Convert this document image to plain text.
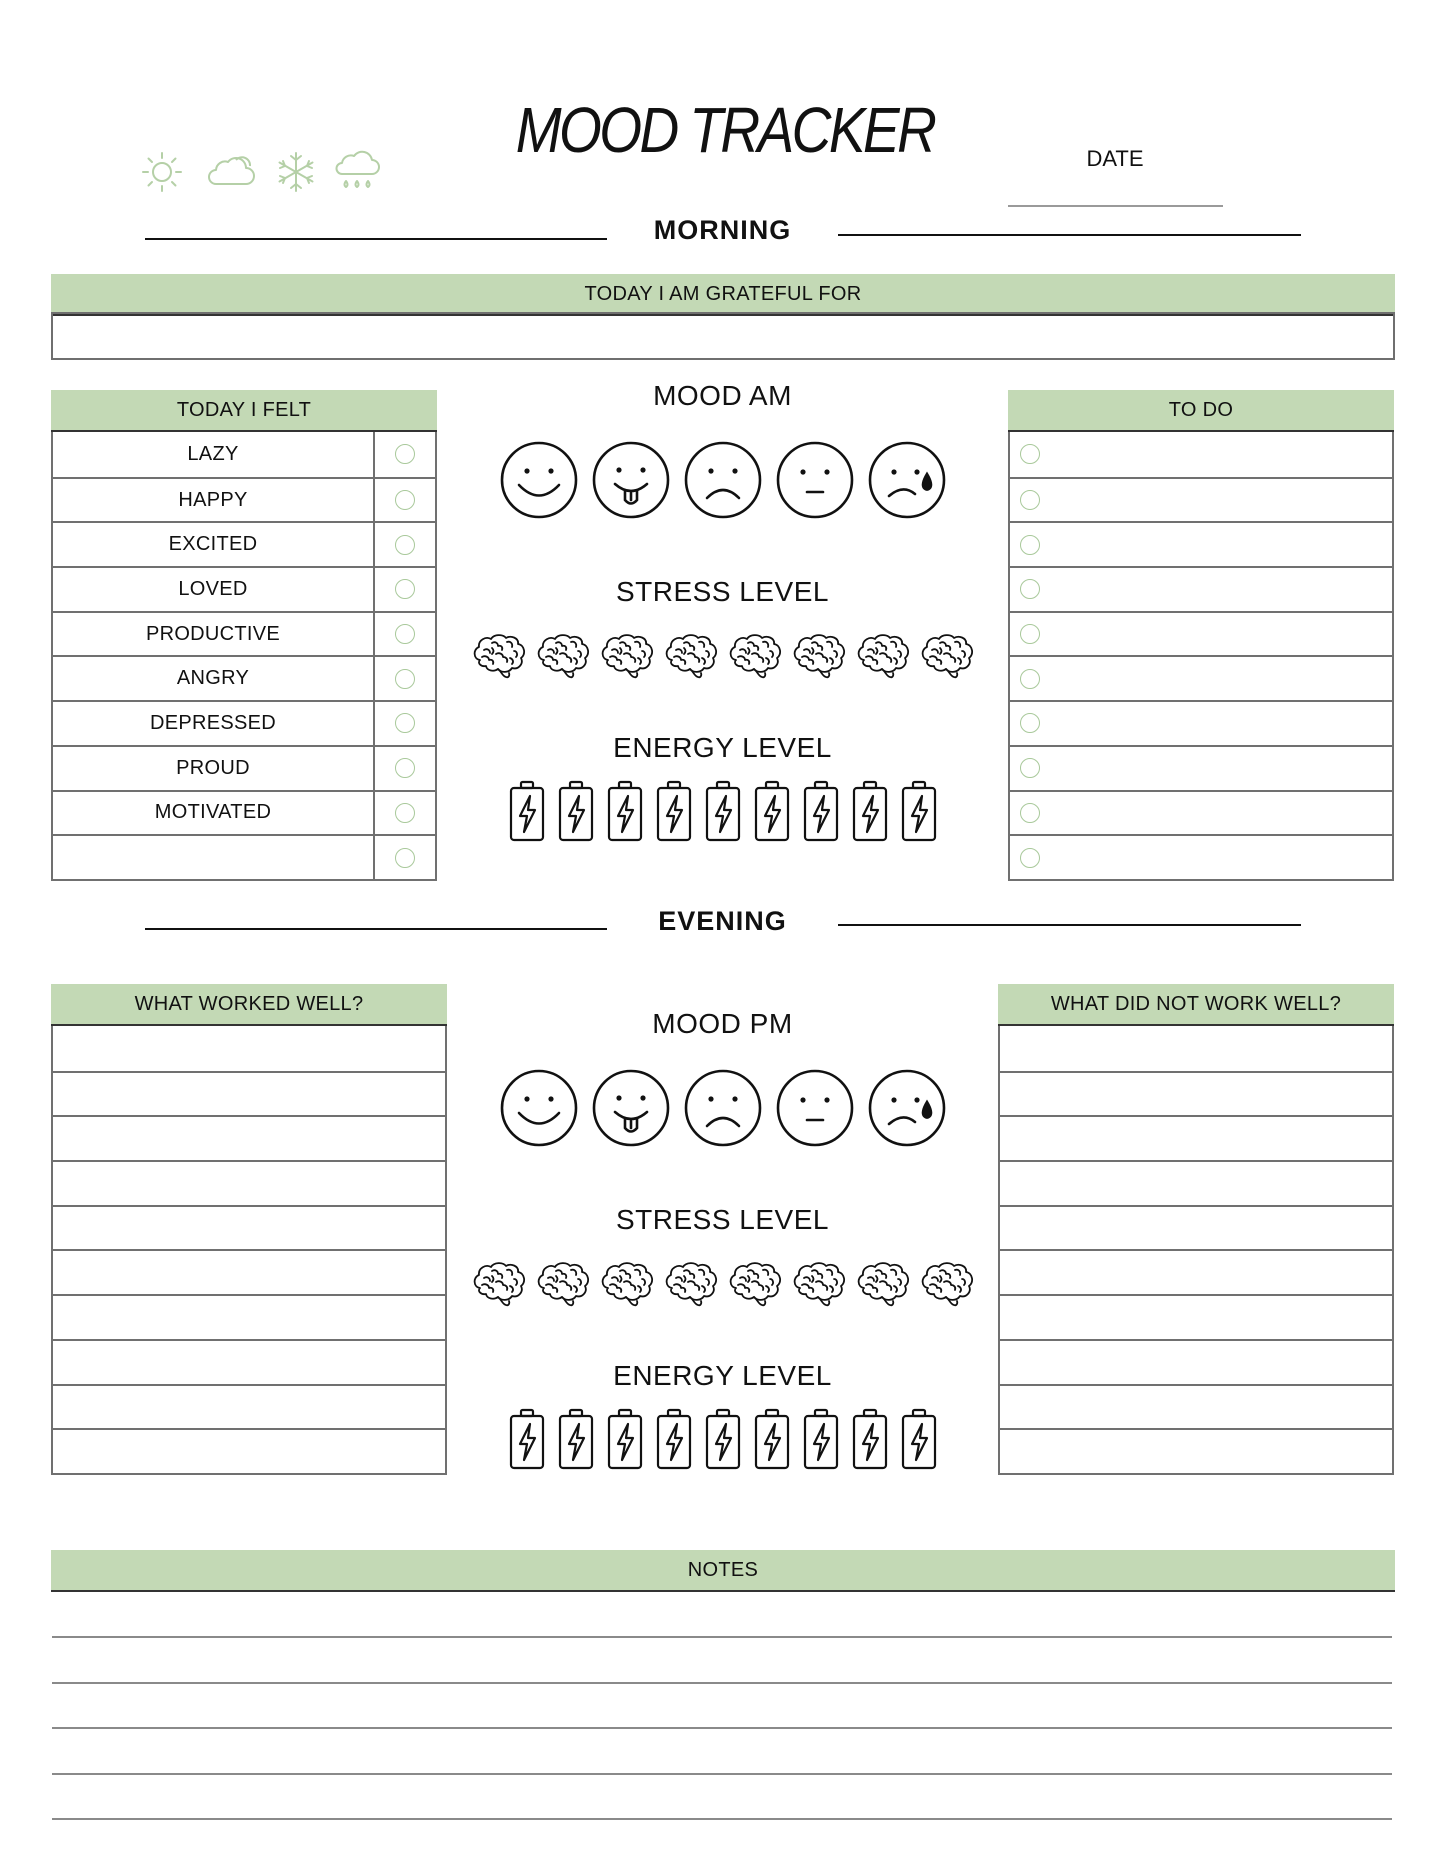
MOOD TRACKER	DATE
MORNING
TODAY I AM GRATEFUL FOR
TODAY I FELT
LAZY
HAPPY
EXCITED
LOVED
PRODUCTIVE
ANGRY
DEPRESSED
PROUD
MOTIVATED
TO DO
MOOD AM
STRESS LEVEL
ENERGY LEVEL
EVENING
WHAT WORKED WELL?	WHAT DID NOT WORK WELL?
MOOD PM
STRESS LEVEL
ENERGY LEVEL
NOTES
